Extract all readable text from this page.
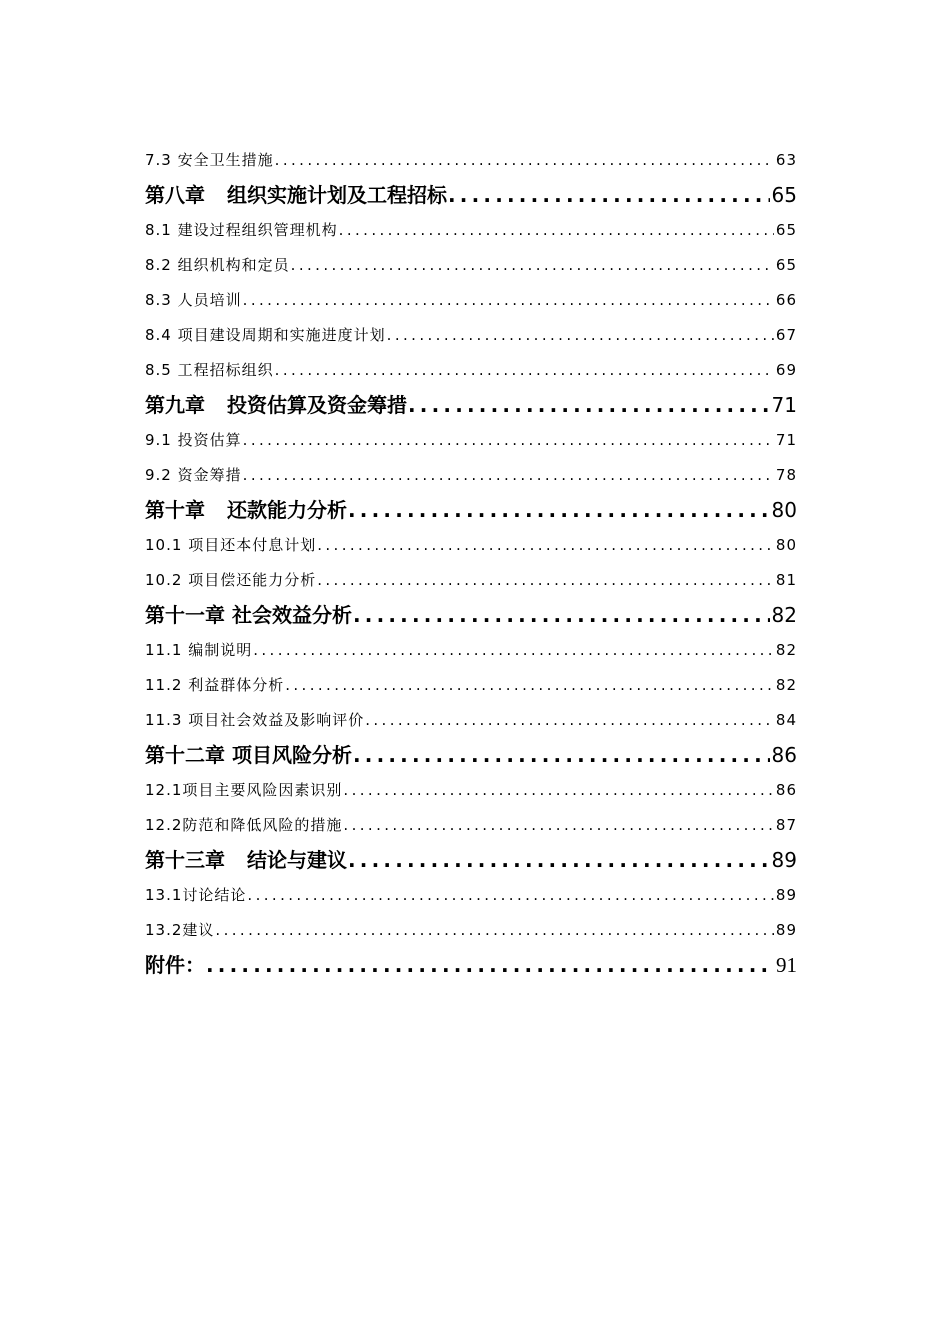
7.3 安全卫生措施 .....	63
第八章 组织实施计划及工程招标 .....	65
8.1 建设过程组织管理机构 .....	65
8.2 组织机构和定员 .....	65
8.3 人员培训 .....	66
8.4 项目建设周期和实施进度计划 .....	67
8.5 工程招标组织 .....	69
第九章 投资估算及资金筹措 .....	71
9.1 投资估算 .....	71
9.2 资金筹措 .....	78
第十章 还款能力分析 .....	80
10.1 项目还本付息计划 .....	80
10.2 项目偿还能力分析 .....	81
第十一章 社会效益分析 .....	82
11.1 编制说明 .....	82
11.2 利益群体分析 .....	82
11.3 项目社会效益及影响评价 .....	84
第十二章 项目风险分析 .....	86
12.1项目主要风险因素识别 .....	86
12.2防范和降低风险的措施 .....	87
第十三章 结论与建议 .....	89
13.1讨论结论 .....	89
13.2建议 .....	89
附件： .....	91
